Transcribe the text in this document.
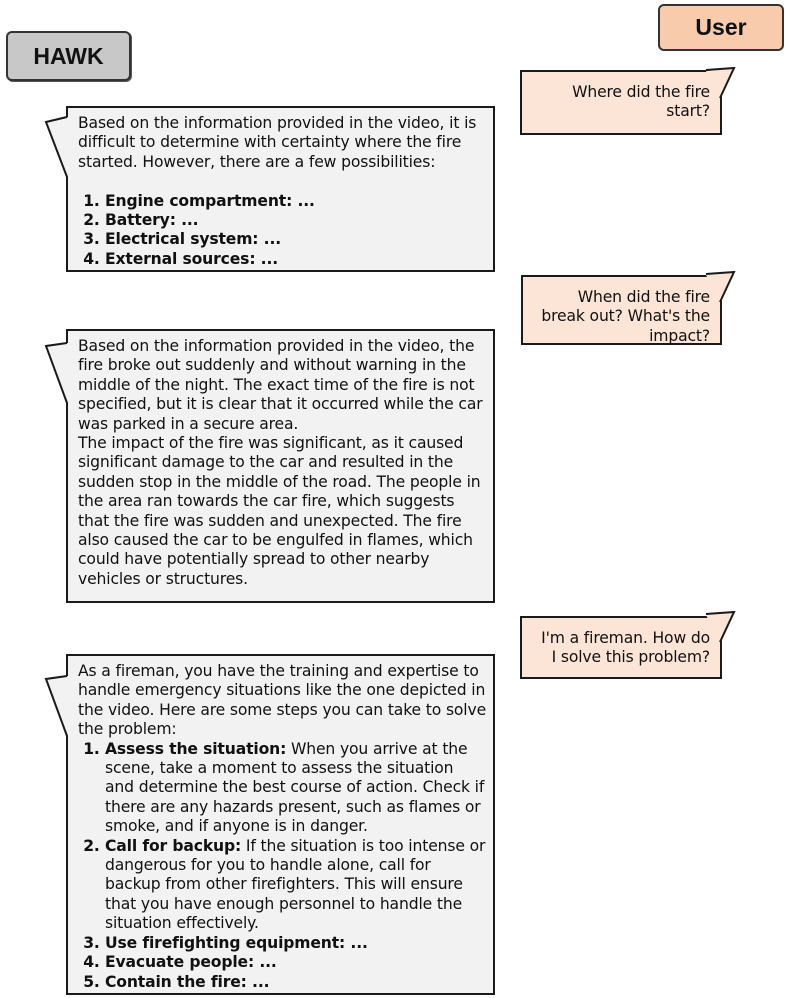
HAWK
User

Where did the fire start?

Based on the information provided in the video, it is difficult to determine with certainty where the fire started. However, there are a few possibilities:

1. Engine compartment: ...
2. Battery: ...
3. Electrical system: ...
4. External sources: ...

When did the fire break out? What's the impact?

Based on the information provided in the video, the fire broke out suddenly and without warning in the middle of the night. The exact time of the fire is not specified, but it is clear that it occurred while the car was parked in a secure area.

The impact of the fire was significant, as it caused significant damage to the car and resulted in the sudden stop in the middle of the road. The people in the area ran towards the car fire, which suggests that the fire was sudden and unexpected. The fire also caused the car to be engulfed in flames, which could have potentially spread to other nearby vehicles or structures.

I'm a fireman. How do I solve this problem?

As a fireman, you have the training and expertise to handle emergency situations like the one depicted in the video. Here are some steps you can take to solve the problem:

1. Assess the situation: When you arrive at the scene, take a moment to assess the situation and determine the best course of action. Check if there are any hazards present, such as flames or smoke, and if anyone is in danger.
2. Call for backup: If the situation is too intense or dangerous for you to handle alone, call for backup from other firefighters. This will ensure that you have enough personnel to handle the situation effectively.
3. Use firefighting equipment: ...
4. Evacuate people: ...
5. Contain the fire: ...
